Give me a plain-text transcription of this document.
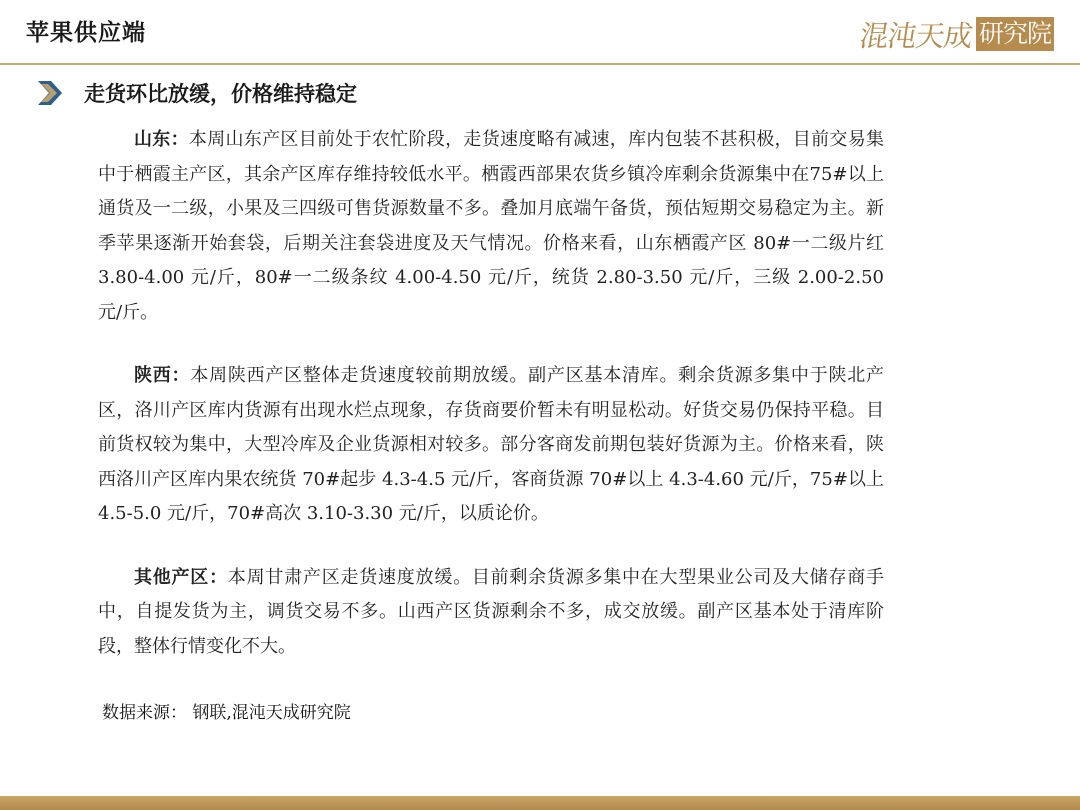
苹果供应端	混沌天成 研究院
走货环比放缓，价格维持稳定

山东：本周山东产区目前处于农忙阶段，走货速度略有减速，库内包装不甚积极，目前交易集中于栖霞主产区，其余产区库存维持较低水平。栖霞西部果农货乡镇冷库剩余货源集中在75#以上通货及一二级，小果及三四级可售货源数量不多。叠加月底端午备货，预估短期交易稳定为主。新季苹果逐渐开始套袋，后期关注套袋进度及天气情况。价格来看，山东栖霞产区 80#一二级片红 3.80-4.00 元/斤，80#一二级条纹 4.00-4.50 元/斤，统货 2.80-3.50 元/斤，三级 2.00-2.50 元/斤。

陕西：本周陕西产区整体走货速度较前期放缓。副产区基本清库。剩余货源多集中于陕北产区，洛川产区库内货源有出现水烂点现象，存货商要价暂未有明显松动。好货交易仍保持平稳。目前货权较为集中，大型冷库及企业货源相对较多。部分客商发前期包装好货源为主。价格来看，陕西洛川产区库内果农统货 70#起步 4.3-4.5 元/斤，客商货源 70#以上 4.3-4.60 元/斤，75#以上 4.5-5.0 元/斤，70#高次 3.10-3.30 元/斤，以质论价。

其他产区：本周甘肃产区走货速度放缓。目前剩余货源多集中在大型果业公司及大储存商手中，自提发货为主，调货交易不多。山西产区货源剩余不多，成交放缓。副产区基本处于清库阶段，整体行情变化不大。

数据来源： 钢联,混沌天成研究院
